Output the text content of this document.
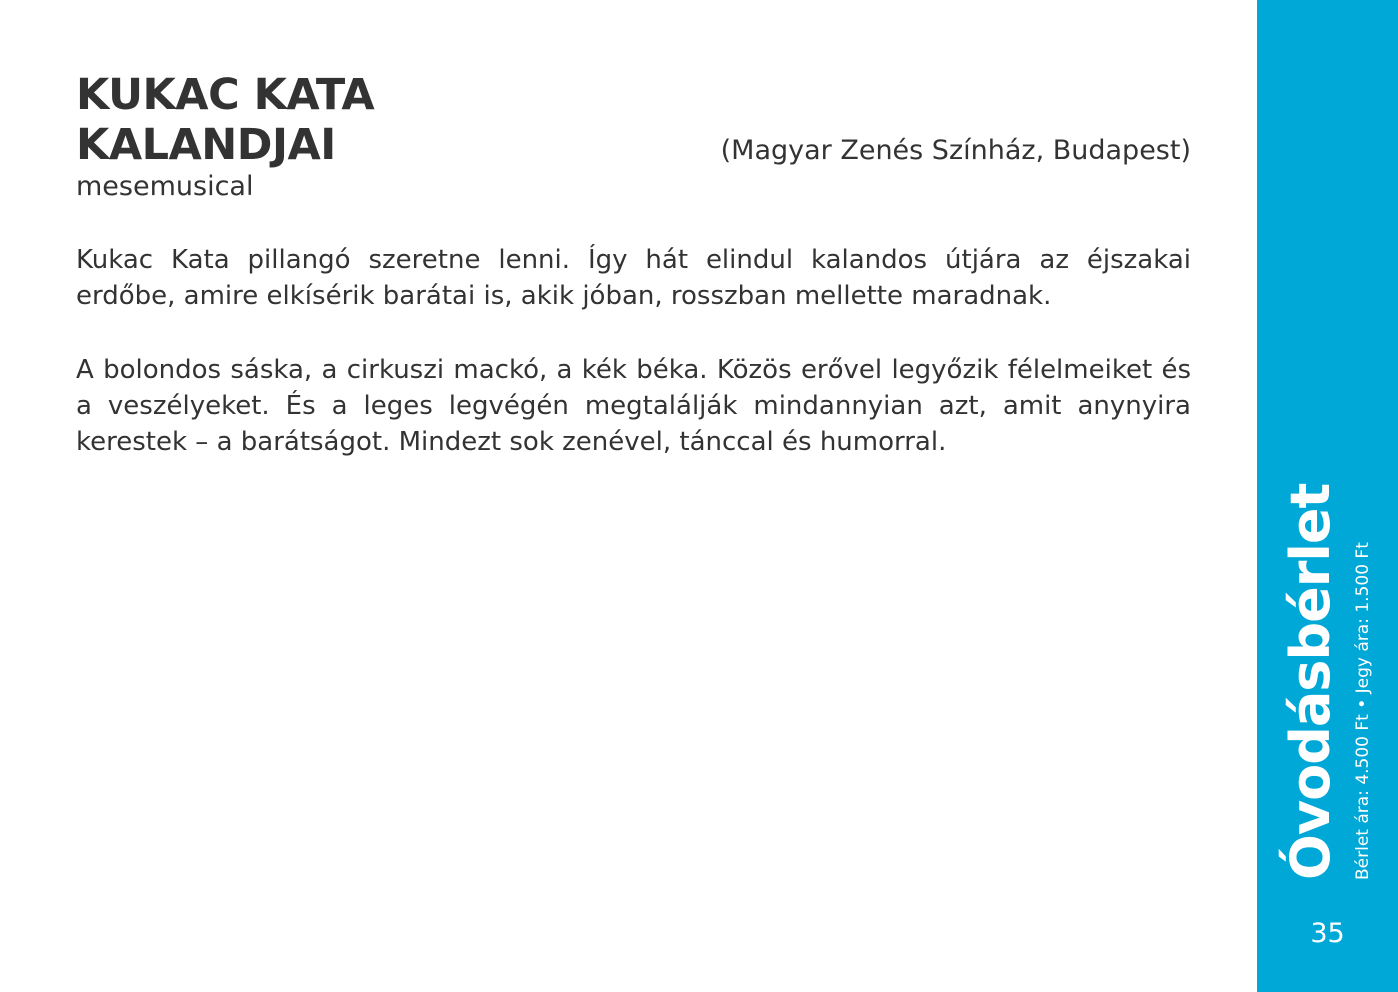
KUKAC KATA
KALANDJAI	(Magyar Zenés Színház, Budapest)
mesemusical

Kukac Kata pillangó szeretne lenni. Így hát elindul kalandos útjára az éjszakai erdőbe, amire elkísérik barátai is, akik jóban, rosszban mellette maradnak.

A bolondos sáska, a cirkuszi mackó, a kék béka. Közös erővel legyőzik félelmeiket és a veszélyeket. És a leges legvégén megtalálják mindannyian azt, amit anynyira kerestek – a barátságot. Mindezt sok zenével, tánccal és humorral.

Óvodásbérlet Bérlet ára: 4.500 Ft • Jegy ára: 1.500 Ft
35
